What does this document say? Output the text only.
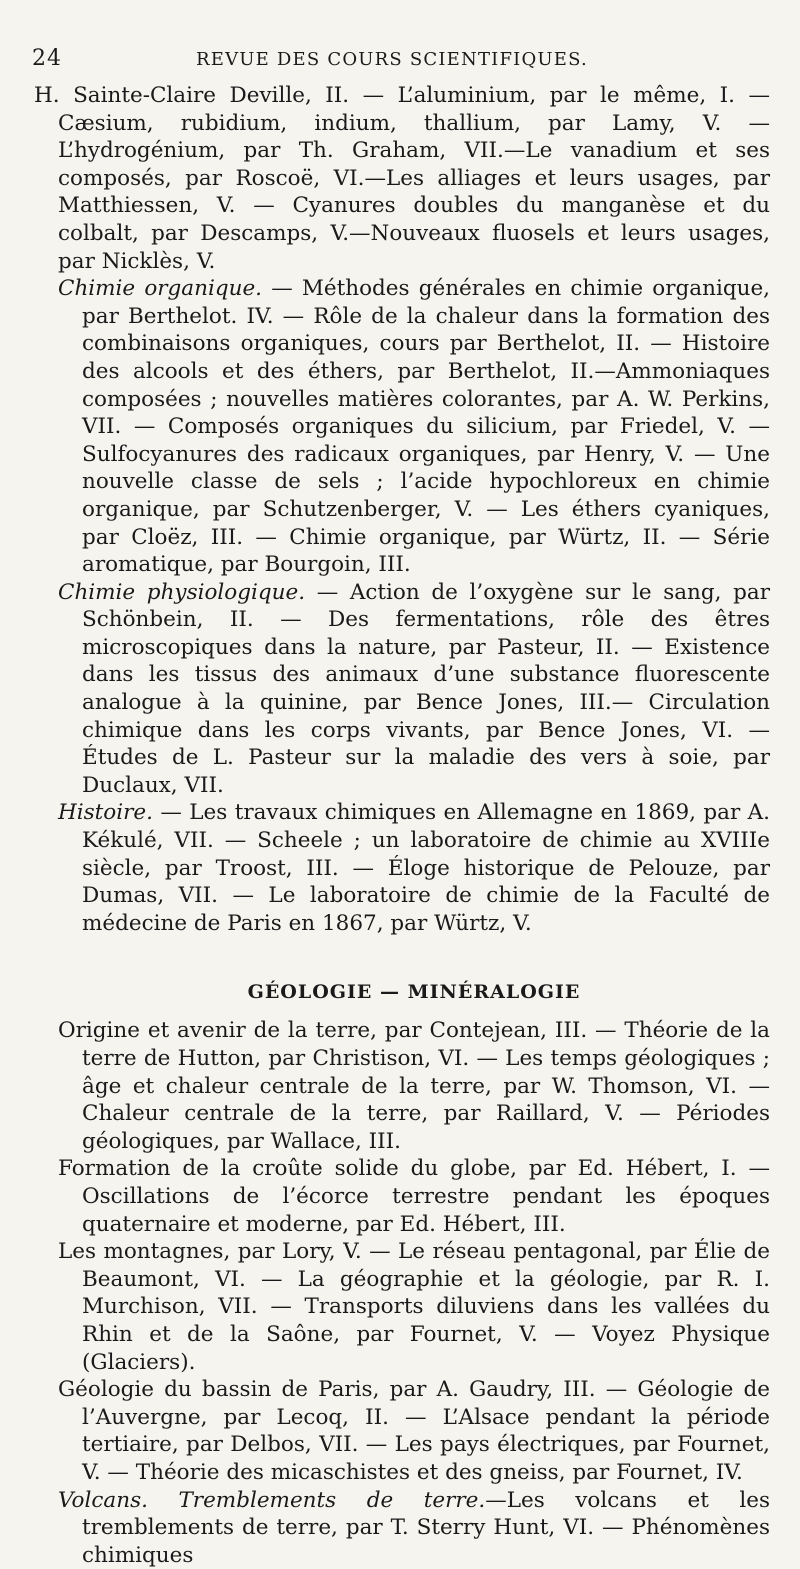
24	REVUE DES COURS SCIENTIFIQUES.

H. Sainte-Claire Deville, II. — L’aluminium, par le même, I. — Cæsium, rubidium, indium, thallium, par Lamy, V. — L’hydrogénium, par Th. Graham, VII.—Le vanadium et ses composés, par Roscoë, VI.—Les alliages et leurs usages, par Matthiessen, V. — Cyanures doubles du manganèse et du colbalt, par Descamps, V.—Nouveaux fluosels et leurs usages, par Nicklès, V.

Chimie organique. — Méthodes générales en chimie organique, par Berthelot. IV. — Rôle de la chaleur dans la formation des combinaisons organiques, cours par Berthelot, II. — Histoire des alcools et des éthers, par Berthelot, II.—Ammoniaques composées ; nouvelles matières colorantes, par A. W. Perkins, VII. — Composés organiques du silicium, par Friedel, V. — Sulfocyanures des radicaux organiques, par Henry, V. — Une nouvelle classe de sels ; l’acide hypochloreux en chimie organique, par Schutzenberger, V. — Les éthers cyaniques, par Cloëz, III. — Chimie organique, par Würtz, II. — Série aromatique, par Bourgoin, III.

Chimie physiologique. — Action de l’oxygène sur le sang, par Schönbein, II. — Des fermentations, rôle des êtres microscopiques dans la nature, par Pasteur, II. — Existence dans les tissus des animaux d’une substance fluorescente analogue à la quinine, par Bence Jones, III.— Circulation chimique dans les corps vivants, par Bence Jones, VI. — Études de L. Pasteur sur la maladie des vers à soie, par Duclaux, VII.

Histoire. — Les travaux chimiques en Allemagne en 1869, par A. Kékulé, VII. — Scheele ; un laboratoire de chimie au XVIIIe siècle, par Troost, III. — Éloge historique de Pelouze, par Dumas, VII. — Le laboratoire de chimie de la Faculté de médecine de Paris en 1867, par Würtz, V.

GÉOLOGIE — MINÉRALOGIE

Origine et avenir de la terre, par Contejean, III. — Théorie de la terre de Hutton, par Christison, VI. — Les temps géologiques ; âge et chaleur centrale de la terre, par W. Thomson, VI. — Chaleur centrale de la terre, par Raillard, V. — Périodes géologiques, par Wallace, III.

Formation de la croûte solide du globe, par Ed. Hébert, I. — Oscillations de l’écorce terrestre pendant les époques quaternaire et moderne, par Ed. Hébert, III.

Les montagnes, par Lory, V. — Le réseau pentagonal, par Élie de Beaumont, VI. — La géographie et la géologie, par R. I. Murchison, VII. — Transports diluviens dans les vallées du Rhin et de la Saône, par Fournet, V. — Voyez Physique (Glaciers).

Géologie du bassin de Paris, par A. Gaudry, III. — Géologie de l’Auvergne, par Lecoq, II. — L’Alsace pendant la période tertiaire, par Delbos, VII. — Les pays électriques, par Fournet, V. — Théorie des micaschistes et des gneiss, par Fournet, IV.

Volcans. Tremblements de terre.—Les volcans et les tremblements de terre, par T. Sterry Hunt, VI. — Phénomènes chimiques
